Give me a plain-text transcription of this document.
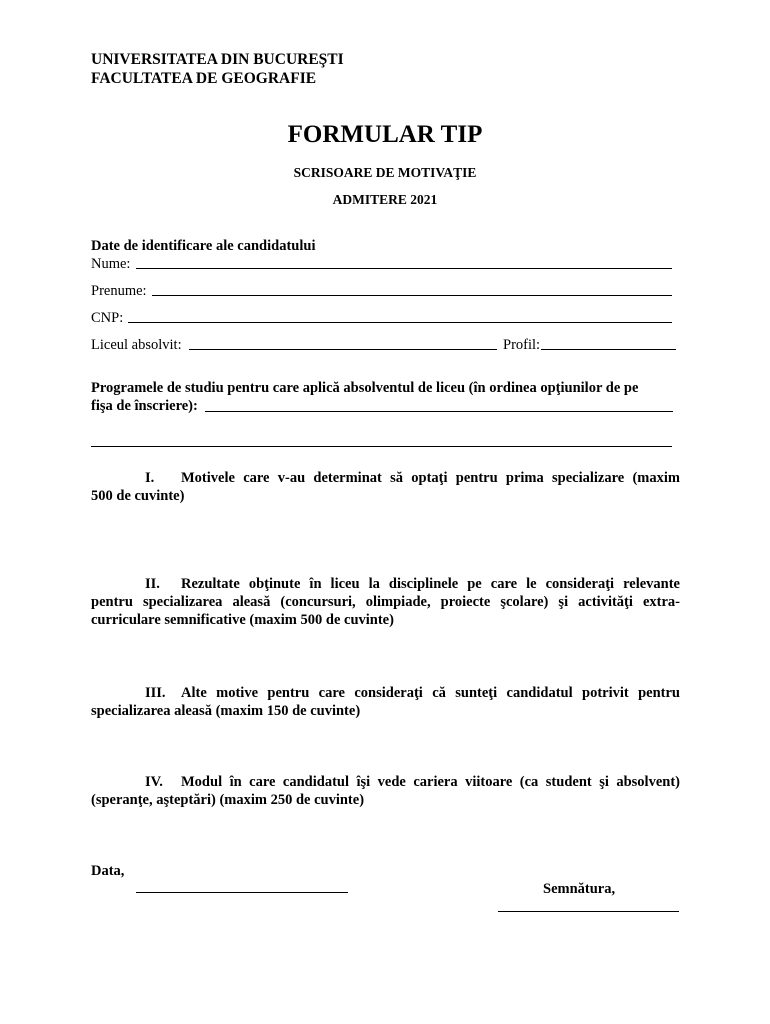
UNIVERSITATEA DIN BUCUREŞTI
FACULTATEA DE GEOGRAFIE
FORMULAR TIP
SCRISOARE DE MOTIVAŢIE
ADMITERE 2021
Date de identificare ale candidatului
Nume:
Prenume:
CNP:
Liceul absolvit:	Profil:
Programele de studiu pentru care aplică absolventul de liceu (în ordinea opţiunilor de pe
fişa de înscriere):
I.	Motivele care v-au determinat să optaţi pentru prima specializare (maxim
500 de cuvinte)
II.	Rezultate obţinute în liceu la disciplinele pe care le consideraţi relevante
pentru specializarea aleasă (concursuri, olimpiade, proiecte şcolare) şi activităţi extra-curriculare semnificative (maxim 500 de cuvinte)
III.	Alte motive pentru care consideraţi că sunteţi candidatul potrivit pentru
specializarea aleasă (maxim 150 de cuvinte)
IV.	Modul în care candidatul îşi vede cariera viitoare (ca student şi absolvent)
(speranţe, aşteptări) (maxim 250 de cuvinte)
Data,
Semnătura,
